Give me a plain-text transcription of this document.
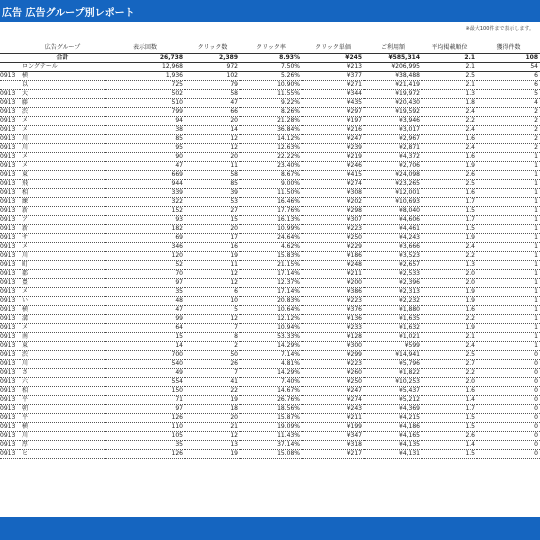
広告 広告グループ別レポート
※最大100件まで表示します。
	広告グループ	表示回数	クリック数	クリック率	クリック単価	ご利用額	平均掲載順位	獲得件数
	合計	26,738	2,389	8.93%	¥245	¥585,314	2.1	108
	ロングテール	12,968	972	7.50%	¥213	¥206,995	2.1	54
0913	横	1,936	102	5.26%	¥377	¥38,488	2.5	6
	以	725	79	10.90%	¥271	¥21,419	2.1	6
0913	大	502	58	11.55%	¥344	¥19,972	1.3	5
0913	藤	510	47	9.22%	¥435	¥20,430	1.8	4
0913	渋	799	66	8.26%	¥297	¥19,592	2.4	2
0913	メ	94	20	21.28%	¥197	¥3,946	2.2	2
0913	メ	38	14	36.84%	¥216	¥3,017	2.4	2
0913	川	85	12	14.12%	¥247	¥2,967	1.6	2
0913	川	95	12	12.63%	¥239	¥2,871	2.4	2
0913	メ	90	20	22.22%	¥219	¥4,372	1.6	1
0913	メ	47	11	23.40%	¥246	¥2,706	1.9	1
0913	東	669	58	8.67%	¥415	¥24,098	2.6	1
0913	飛	944	85	9.00%	¥274	¥23,265	2.5	1
0913	相	339	39	11.50%	¥308	¥12,001	1.6	1
0913	練	322	53	16.46%	¥202	¥10,693	1.7	1
0913	新	152	27	17.76%	¥298	¥8,040	1.5	1
0913	ア	93	15	16.13%	¥307	¥4,606	1.7	1
0913	新	182	20	10.99%	¥223	¥4,461	1.5	1
0913	サ	69	17	24.64%	¥250	¥4,243	1.9	1
0913	メ	346	16	4.62%	¥229	¥3,666	2.4	1
0913	川	120	19	15.83%	¥186	¥3,523	2.2	1
0913	町	52	11	21.15%	¥248	¥2,657	1.3	1
0913	都	70	12	17.14%	¥211	¥2,533	2.0	1
0913	豊	97	12	12.37%	¥200	¥2,396	2.0	1
0913	メ	35	6	17.14%	¥386	¥2,313	1.9	1
0913	い	48	10	20.83%	¥223	¥2,232	1.9	1
0913	横	47	5	10.64%	¥376	¥1,880	1.6	1
0913	溝	99	12	12.12%	¥136	¥1,635	2.2	1
0913	メ	64	7	10.94%	¥233	¥1,632	1.9	1
0913	南	15	8	53.33%	¥128	¥1,021	2.1	1
0913	東	14	2	14.29%	¥300	¥599	2.4	1
0913	渋	700	50	7.14%	¥299	¥14,941	2.5	0
0913	川	540	26	4.81%	¥223	¥5,796	2.7	0
0913	さ	49	7	14.29%	¥260	¥1,822	2.2	0
0913	六	554	41	7.40%	¥250	¥10,253	2.0	0
0913	相	150	22	14.67%	¥247	¥5,437	1.6	0
0913	平	71	19	26.76%	¥274	¥5,212	1.4	0
0913	朝	97	18	18.56%	¥243	¥4,369	1.7	0
0913	平	126	20	15.87%	¥211	¥4,215	1.5	0
0913	横	110	21	19.09%	¥199	¥4,186	1.5	0
0913	川	105	12	11.43%	¥347	¥4,165	2.6	0
0913	厚	35	13	37.14%	¥318	¥4,135	1.4	0
0913	ヒ	126	19	15.08%	¥217	¥4,131	1.5	0
